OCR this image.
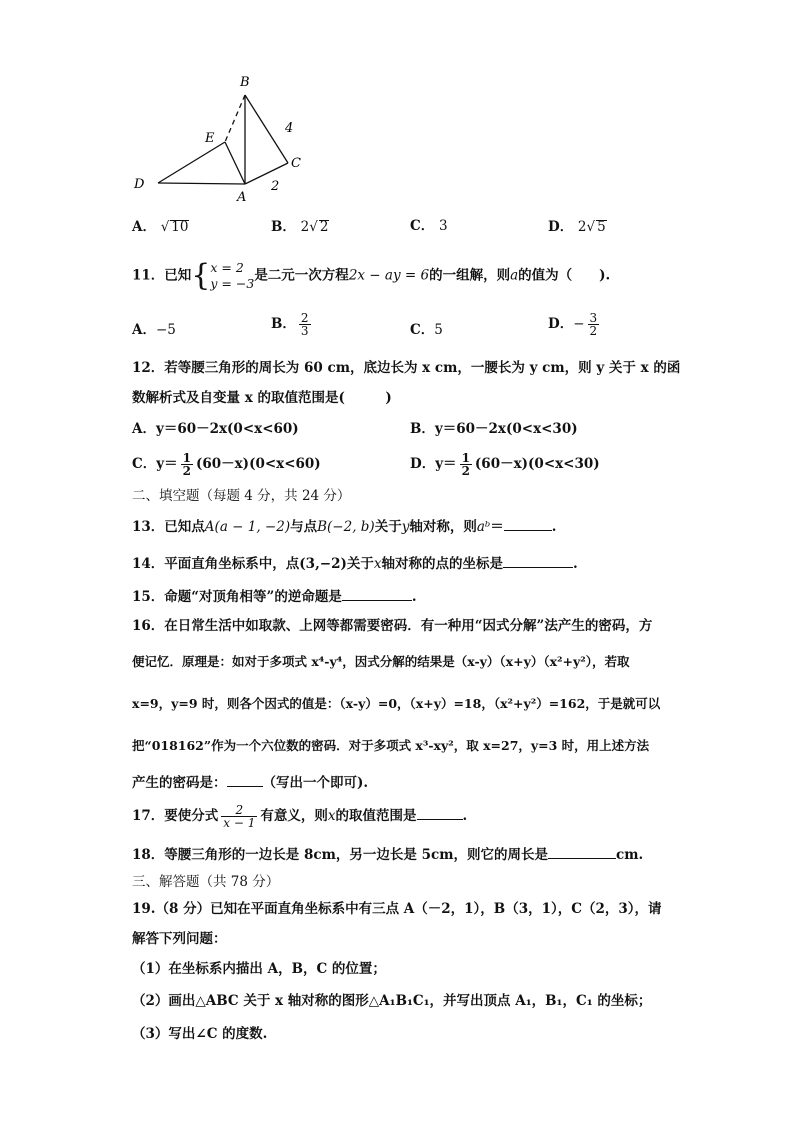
B
E
C
D
A
4
2
A． √ 10	B． 2√ 2	C． 3	D． 2√ 5
11．已知{ x = 2
y = −3 是二元一次方程2x − ay = 6的一组解，则a的值为（　　).
A．−5	B． $\frac{2}{3}$	C．5	D．− $\frac{3}{2}$
12．若等腰三角形的周长为 60 cm，底边长为 x cm，一腰长为 y cm，则 y 关于 x 的函
数解析式及自变量 x 的取值范围是(　　　)
A．y＝60－2x(0<x<60)	B．y＝60－2x(0<x<30)
C．$y= \frac{1}{2} (60-x)(0<x<60)$	D．$y= \frac{1}{2} (60-x)(0<x<30)$
二、填空题（每题 4 分，共 24 分）
13．已知点A(a − 1, −2)与点B(−2, b)关于y轴对称，则aᵇ＝	.
14．平面直角坐标系中，点(3,−2)关于x轴对称的点的坐标是	.
15．命题“对顶角相等”的逆命题是	.
16．在日常生活中如取款、上网等都需要密码．有一种用“因式分解”法产生的密码，方
便记忆．原理是：如对于多项式 x⁴-y⁴，因式分解的结果是（x-y）（x+y）（x²+y²），若取
x=9，y=9 时，则各个因式的值是：（x-y）=0，（x+y）=18，（x²+y²）=162，于是就可以
把“018162”作为一个六位数的密码．对于多项式 x³-xy²，取 x=27，y=3 时，用上述方法
产生的密码是：	（写出一个即可).
17．要使分式 $\frac{2}{x - 1}$ 有意义，则x的取值范围是	.
18．等腰三角形的一边长是 8cm，另一边长是 5cm，则它的周长是	cm.
三、解答题（共 78 分）
19.（8 分）已知在平面直角坐标系中有三点 A（－2，1），B（3，1），C（2，3），请
解答下列问题：
（1）在坐标系内描出 A，B，C 的位置；
（2）画出△ABC 关于 x 轴对称的图形△A₁B₁C₁，并写出顶点 A₁，B₁，C₁ 的坐标；
（3）写出∠C 的度数.
